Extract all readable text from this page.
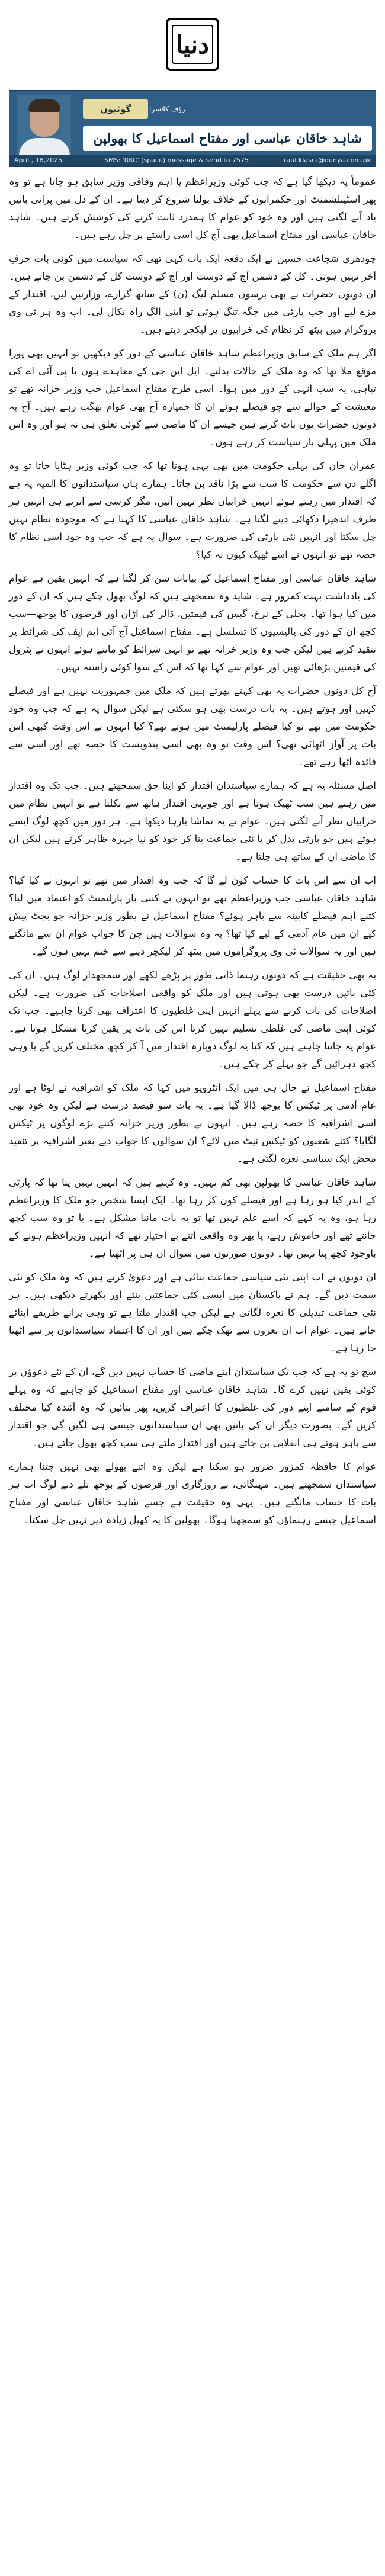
دنیا
گوئیوں	رؤف کلاسرا
شاہد خاقان عباسی اور مفتاح اسماعیل کا بھولپن
April , 18,2025	SMS: 'RKC' (space) message & send to 7575	rauf.klasra@dunya.com.pk

عموماً یہ دیکھا گیا ہے کہ جب کوئی وزیراعظم یا اہم وفاقی وزیر سابق ہو جاتا ہے تو وہ پھر اسٹیبلشمنٹ اور حکمرانوں کے خلاف بولنا شروع کر دیتا ہے۔ ان کے دل میں پرانی باتیں یاد آنے لگتی ہیں اور وہ خود کو عوام کا ہمدرد ثابت کرنے کی کوشش کرتے ہیں۔ شاہد خاقان عباسی اور مفتاح اسماعیل بھی آج کل اسی راستے پر چل رہے ہیں۔

چودھری شجاعت حسین نے ایک دفعہ ایک بات کہی تھی کہ سیاست میں کوئی بات حرفِ آخر نہیں ہوتی۔ کل کے دشمن آج کے دوست اور آج کے دوست کل کے دشمن بن جاتے ہیں۔ ان دونوں حضرات نے بھی برسوں مسلم لیگ (ن) کے ساتھ گزارے، وزارتیں لیں، اقتدار کے مزے لیے اور جب پارٹی میں جگہ تنگ ہوئی تو اپنی الگ راہ نکال لی۔ اب وہ ہر ٹی وی پروگرام میں بیٹھ کر نظام کی خرابیوں پر لیکچر دیتے ہیں۔

اگر ہم ملک کے سابق وزیراعظم شاہد خاقان عباسی کے دور کو دیکھیں تو انہیں بھی پورا موقع ملا تھا کہ وہ ملک کے حالات بدلتے۔ ایل این جی کے معاہدے ہوں یا پی آئی اے کی تباہی، یہ سب انہی کے دور میں ہوا۔ اسی طرح مفتاح اسماعیل جب وزیر خزانہ تھے تو معیشت کے حوالے سے جو فیصلے ہوئے ان کا خمیازہ آج بھی عوام بھگت رہے ہیں۔ آج یہ دونوں حضرات یوں بات کرتے ہیں جیسے ان کا ماضی سے کوئی تعلق ہی نہ ہو اور وہ اس ملک میں پہلی بار سیاست کر رہے ہوں۔

عمران خان کی پہلی حکومت میں بھی یہی ہوتا تھا کہ جب کوئی وزیر ہٹایا جاتا تو وہ اگلے دن سے حکومت کا سب سے بڑا ناقد بن جاتا۔ ہمارے ہاں سیاستدانوں کا المیہ یہ ہے کہ اقتدار میں رہتے ہوئے انہیں خرابیاں نظر نہیں آتیں، مگر کرسی سے اترتے ہی انہیں ہر طرف اندھیرا دکھائی دینے لگتا ہے۔ شاہد خاقان عباسی کا کہنا ہے کہ موجودہ نظام نہیں چل سکتا اور انہیں نئی پارٹی کی ضرورت ہے۔ سوال یہ ہے کہ جب وہ خود اسی نظام کا حصہ تھے تو انہوں نے اسے ٹھیک کیوں نہ کیا؟

شاہد خاقان عباسی اور مفتاح اسماعیل کے بیانات سن کر لگتا ہے کہ انہیں یقین ہے عوام کی یادداشت بہت کمزور ہے۔ شاید وہ سمجھتے ہیں کہ لوگ بھول چکے ہیں کہ ان کے دور میں کیا ہوا تھا۔ بجلی کے نرخ، گیس کی قیمتیں، ڈالر کی اڑان اور قرضوں کا بوجھ—سب کچھ ان کے دور کی پالیسیوں کا تسلسل ہے۔ مفتاح اسماعیل آج آئی ایم ایف کی شرائط پر تنقید کرتے ہیں لیکن جب وہ وزیر خزانہ تھے تو انہی شرائط کو مانتے ہوئے انہوں نے پٹرول کی قیمتیں بڑھائی تھیں اور عوام سے کہا تھا کہ اس کے سوا کوئی راستہ نہیں۔

آج کل دونوں حضرات یہ بھی کہتے پھرتے ہیں کہ ملک میں جمہوریت نہیں ہے اور فیصلے کہیں اور ہوتے ہیں۔ یہ بات درست بھی ہو سکتی ہے لیکن سوال یہ ہے کہ جب وہ خود حکومت میں تھے تو کیا فیصلے پارلیمنٹ میں ہوتے تھے؟ کیا انہوں نے اس وقت کبھی اس بات پر آواز اٹھائی تھی؟ اس وقت تو وہ بھی اسی بندوبست کا حصہ تھے اور اسی سے فائدہ اٹھا رہے تھے۔

اصل مسئلہ یہ ہے کہ ہمارے سیاستدان اقتدار کو اپنا حق سمجھتے ہیں۔ جب تک وہ اقتدار میں رہتے ہیں سب ٹھیک ہوتا ہے اور جونہی اقتدار ہاتھ سے نکلتا ہے تو انہیں نظام میں خرابیاں نظر آنے لگتی ہیں۔ عوام نے یہ تماشا بارہا دیکھا ہے۔ ہر دور میں کچھ لوگ ایسے ہوتے ہیں جو پارٹی بدل کر یا نئی جماعت بنا کر خود کو نیا چہرہ ظاہر کرتے ہیں لیکن ان کا ماضی ان کے ساتھ ہی چلتا ہے۔

اب ان سے اس بات کا حساب کون لے گا کہ جب وہ اقتدار میں تھے تو انہوں نے کیا کیا؟ شاہد خاقان عباسی جب وزیراعظم تھے تو انہوں نے کتنی بار پارلیمنٹ کو اعتماد میں لیا؟ کتنے اہم فیصلے کابینہ سے باہر ہوئے؟ مفتاح اسماعیل نے بطور وزیر خزانہ جو بجٹ پیش کیے ان میں عام آدمی کے لیے کیا تھا؟ یہ وہ سوالات ہیں جن کا جواب عوام ان سے مانگتے ہیں اور یہ سوالات ٹی وی پروگراموں میں بیٹھ کر لیکچر دینے سے ختم نہیں ہوں گے۔

یہ بھی حقیقت ہے کہ دونوں رہنما ذاتی طور پر پڑھے لکھے اور سمجھدار لوگ ہیں۔ ان کی کئی باتیں درست بھی ہوتی ہیں اور ملک کو واقعی اصلاحات کی ضرورت ہے۔ لیکن اصلاحات کی بات کرنے سے پہلے انہیں اپنی غلطیوں کا اعتراف بھی کرنا چاہیے۔ جب تک کوئی اپنی ماضی کی غلطی تسلیم نہیں کرتا اس کی بات پر یقین کرنا مشکل ہوتا ہے۔ عوام یہ جاننا چاہتے ہیں کہ کیا یہ لوگ دوبارہ اقتدار میں آ کر کچھ مختلف کریں گے یا وہی کچھ دہرائیں گے جو پہلے کر چکے ہیں۔

مفتاح اسماعیل نے حال ہی میں ایک انٹرویو میں کہا کہ ملک کو اشرافیہ نے لوٹا ہے اور عام آدمی پر ٹیکس کا بوجھ ڈالا گیا ہے۔ یہ بات سو فیصد درست ہے لیکن وہ خود بھی اسی اشرافیہ کا حصہ رہے ہیں۔ انہوں نے بطور وزیر خزانہ کتنے بڑے لوگوں پر ٹیکس لگایا؟ کتنے شعبوں کو ٹیکس نیٹ میں لائے؟ ان سوالوں کا جواب دیے بغیر اشرافیہ پر تنقید محض ایک سیاسی نعرہ لگتی ہے۔

شاہد خاقان عباسی کا بھولپن بھی کم نہیں۔ وہ کہتے ہیں کہ انہیں نہیں پتا تھا کہ پارٹی کے اندر کیا ہو رہا ہے اور فیصلے کون کر رہا تھا۔ ایک ایسا شخص جو ملک کا وزیراعظم رہا ہو، وہ یہ کہے کہ اسے علم نہیں تھا تو یہ بات ماننا مشکل ہے۔ یا تو وہ سب کچھ جانتے تھے اور خاموش رہے، یا پھر وہ واقعی اتنے بے اختیار تھے کہ انہیں وزیراعظم ہونے کے باوجود کچھ پتا نہیں تھا۔ دونوں صورتوں میں سوال ان ہی پر اٹھتا ہے۔

ان دونوں نے اب اپنی نئی سیاسی جماعت بنائی ہے اور دعویٰ کرتے ہیں کہ وہ ملک کو نئی سمت دیں گے۔ ہم نے پاکستان میں ایسی کئی جماعتیں بنتے اور بکھرتے دیکھی ہیں۔ ہر نئی جماعت تبدیلی کا نعرہ لگاتی ہے لیکن جب اقتدار ملتا ہے تو وہی پرانے طریقے اپنائے جاتے ہیں۔ عوام اب ان نعروں سے تھک چکے ہیں اور ان کا اعتماد سیاستدانوں پر سے اٹھتا جا رہا ہے۔

سچ تو یہ ہے کہ جب تک سیاستدان اپنے ماضی کا حساب نہیں دیں گے، ان کے نئے دعوؤں پر کوئی یقین نہیں کرے گا۔ شاہد خاقان عباسی اور مفتاح اسماعیل کو چاہیے کہ وہ پہلے قوم کے سامنے اپنے دور کی غلطیوں کا اعتراف کریں، پھر بتائیں کہ وہ آئندہ کیا مختلف کریں گے۔ بصورت دیگر ان کی باتیں بھی ان سیاستدانوں جیسی ہی لگیں گی جو اقتدار سے باہر ہوتے ہی انقلابی بن جاتے ہیں اور اقتدار ملتے ہی سب کچھ بھول جاتے ہیں۔

عوام کا حافظہ کمزور ضرور ہو سکتا ہے لیکن وہ اتنے بھولے بھی نہیں جتنا ہمارے سیاستدان سمجھتے ہیں۔ مہنگائی، بے روزگاری اور قرضوں کے بوجھ تلے دبے لوگ اب ہر بات کا حساب مانگتے ہیں۔ یہی وہ حقیقت ہے جسے شاہد خاقان عباسی اور مفتاح اسماعیل جیسے رہنماؤں کو سمجھنا ہوگا۔ بھولپن کا یہ کھیل زیادہ دیر نہیں چل سکتا۔
